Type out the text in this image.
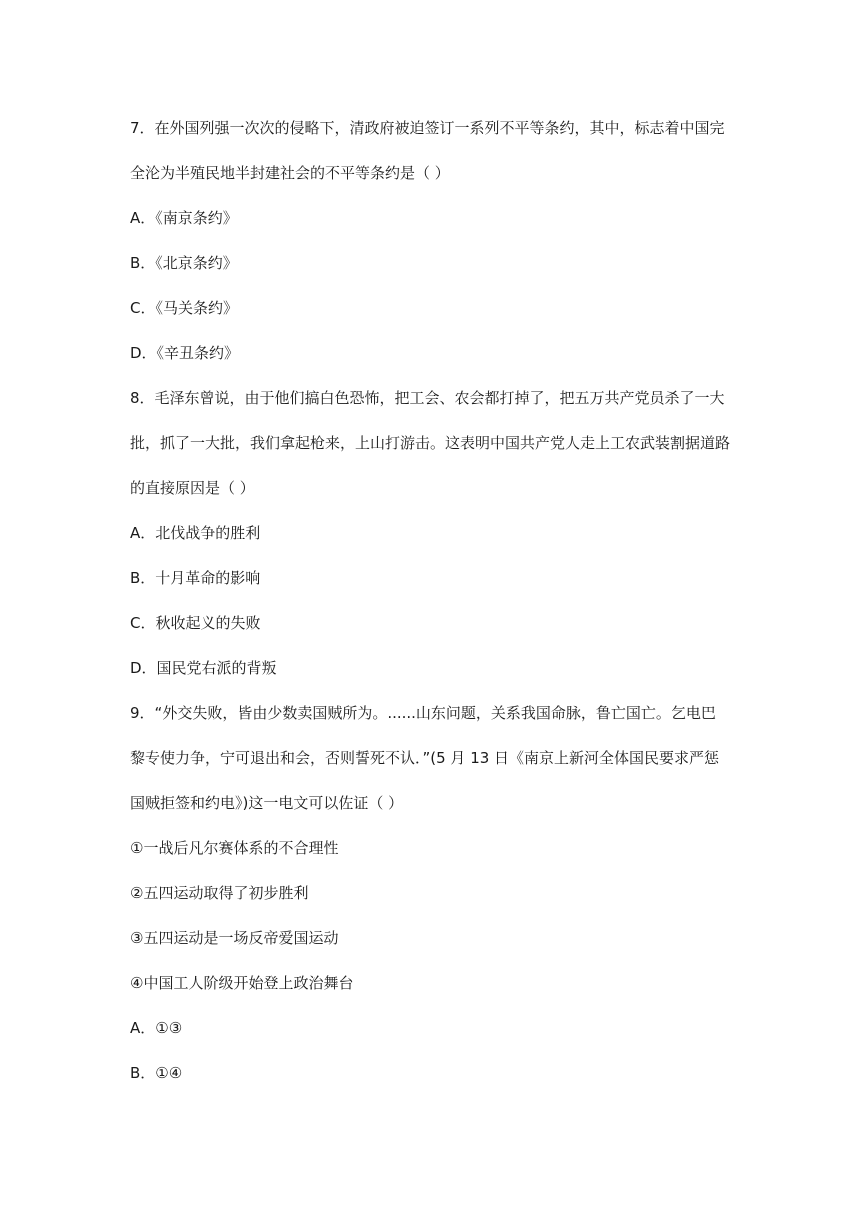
7．在外国列强一次次的侵略下，清政府被迫签订一系列不平等条约，其中，标志着中国完
全沦为半殖民地半封建社会的不平等条约是（ ）
A．《南京条约》
B．《北京条约》
C．《马关条约》
D．《辛丑条约》
8．毛泽东曾说，由于他们搞白色恐怖，把工会、农会都打掉了，把五万共产党员杀了一大
批，抓了一大批，我们拿起枪来，上山打游击。这表明中国共产党人走上工农武装割据道路
的直接原因是（ ）
A．北伐战争的胜利
B．十月革命的影响
C．秋收起义的失败
D．国民党右派的背叛
9．“外交失败，皆由少数卖国贼所为。......山东问题，关系我国命脉，鲁亡国亡。乞电巴
黎专使力争，宁可退出和会，否则誓死不认．”(5 月 13 日《南京上新河全体国民要求严惩
国贼拒签和约电》)这一电文可以佐证（ ）
①一战后凡尔赛体系的不合理性
②五四运动取得了初步胜利
③五四运动是一场反帝爱国运动
④中国工人阶级开始登上政治舞台
A．①③
B．①④
